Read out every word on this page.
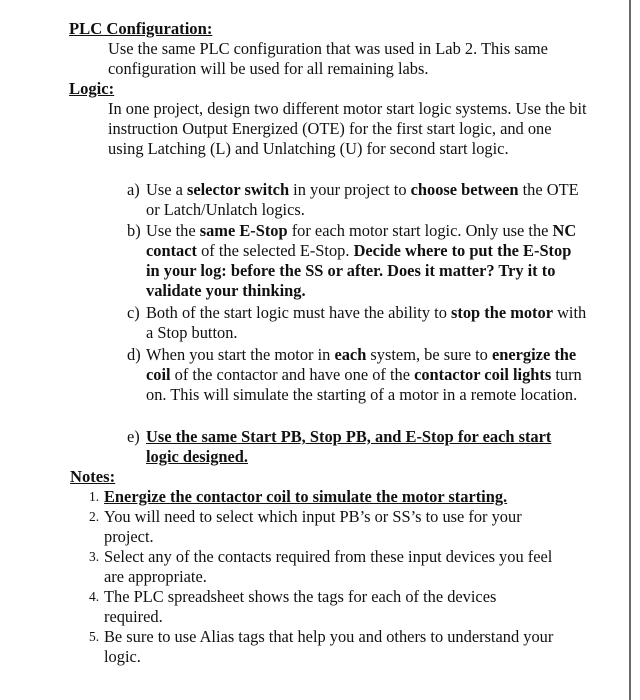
PLC Configuration:

Use the same PLC configuration that was used in Lab 2. This same configuration will be used for all remaining labs.

Logic:

In one project, design two different motor start logic systems. Use the bit instruction Output Energized (OTE) for the first start logic, and one using Latching (L) and Unlatching (U) for second start logic.

a) Use a selector switch in your project to choose between the OTE or Latch/Unlatch logics.
b) Use the same E-Stop for each motor start logic. Only use the NC contact of the selected E-Stop. Decide where to put the E-Stop in your log: before the SS or after. Does it matter? Try it to validate your thinking.
c) Both of the start logic must have the ability to stop the motor with a Stop button.
d) When you start the motor in each system, be sure to energize the coil of the contactor and have one of the contactor coil lights turn on. This will simulate the starting of a motor in a remote location.
e) Use the same Start PB, Stop PB, and E-Stop for each start logic designed.
Notes:
1. Energize the contactor coil to simulate the motor starting.
2. You will need to select which input PB’s or SS’s to use for your project.
3. Select any of the contacts required from these input devices you feel are appropriate.
4. The PLC spreadsheet shows the tags for each of the devices required.
5. Be sure to use Alias tags that help you and others to understand your logic.
